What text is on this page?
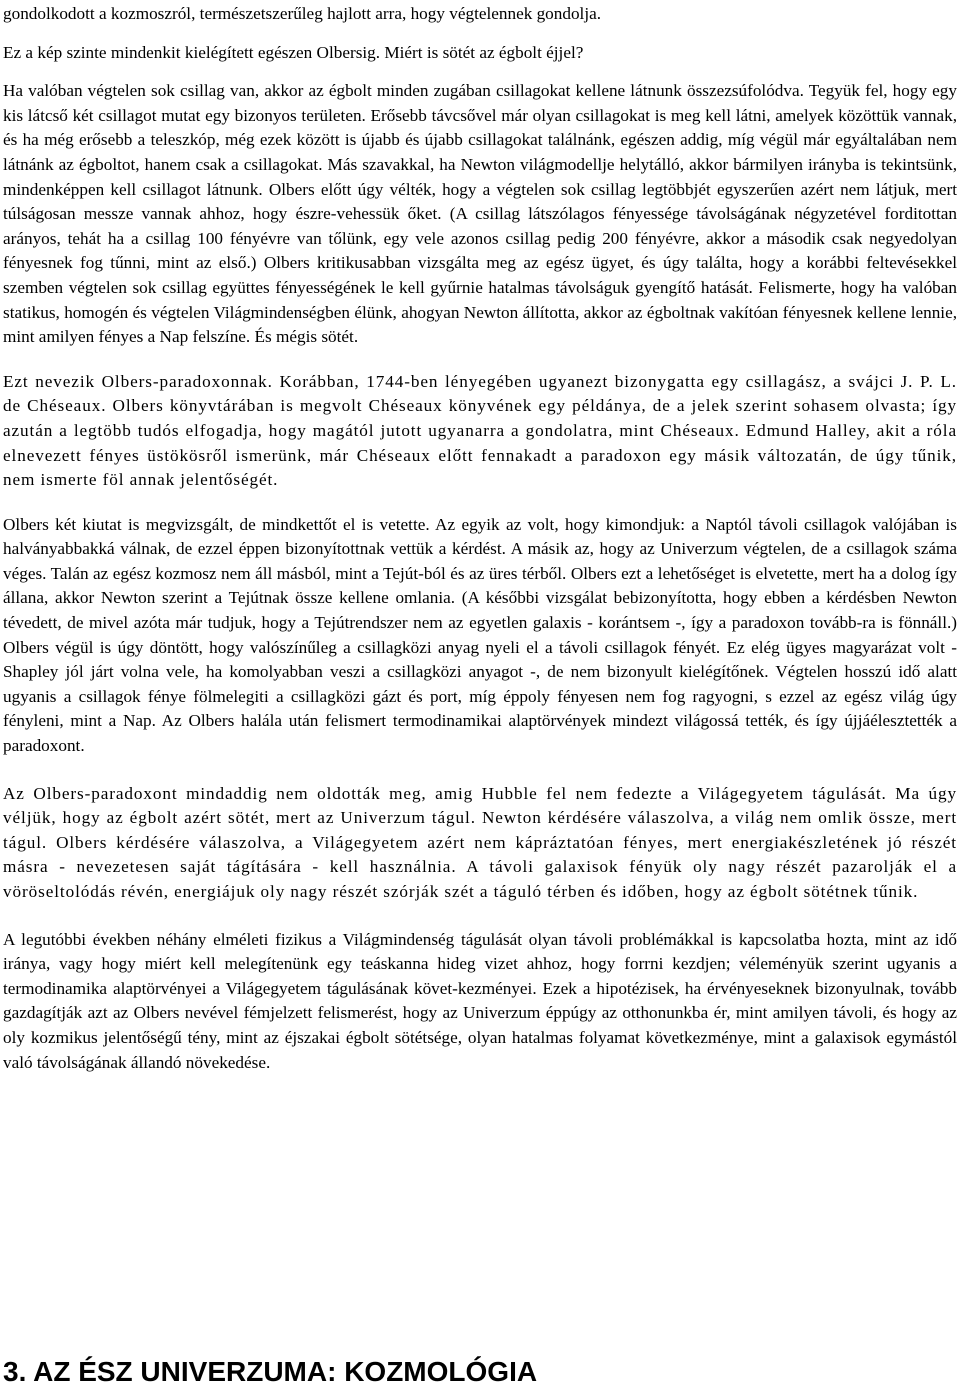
gondolkodott a kozmoszról, természetszerűleg hajlott arra, hogy végtelennek gondolja.

Ez a kép szinte mindenkit kielégített egészen Olbersig. Miért is sötét az égbolt éjjel?

Ha valóban végtelen sok csillag van, akkor az égbolt minden zugában csillagokat kellene látnunk összezsúfolódva. Tegyük fel, hogy egy kis látcső két csillagot mutat egy bizonyos területen. Erősebb távcsővel már olyan csillagokat is meg kell látni, amelyek közöttük vannak, és ha még erősebb a teleszkóp, még ezek között is újabb és újabb csillagokat találnánk, egészen addig, míg végül már egyáltalában nem látnánk az égboltot, hanem csak a csillagokat. Más szavakkal, ha Newton világmodellje helytálló, akkor bármilyen irányba is tekintsünk, mindenképpen kell csillagot látnunk. Olbers előtt úgy vélték, hogy a végtelen sok csillag legtöbbjét egyszerűen azért nem látjuk, mert túlságosan messze vannak ahhoz, hogy észre-vehessük őket. (A csillag látszólagos fényessége távolságának négyzetével forditottan arányos, tehát ha a csillag 100 fényévre van tőlünk, egy vele azonos csillag pedig 200 fényévre, akkor a második csak negyedolyan fényesnek fog tűnni, mint az első.) Olbers kritikusabban vizsgálta meg az egész ügyet, és úgy találta, hogy a korábbi feltevésekkel szemben végtelen sok csillag együttes fényességének le kell gyűrnie hatalmas távolságuk gyengítő hatását. Felismerte, hogy ha valóban statikus, homogén és végtelen Világmindenségben élünk, ahogyan Newton állította, akkor az égboltnak vakítóan fényesnek kellene lennie, mint amilyen fényes a Nap felszíne. És mégis sötét.

Ezt nevezik Olbers-paradoxonnak. Korábban, 1744-ben lényegében ugyanezt bizonygatta egy csillagász, a svájci J. P. L. de Chéseaux. Olbers könyvtárában is megvolt Chéseaux könyvének egy példánya, de a jelek szerint sohasem olvasta; így azután a legtöbb tudós elfogadja, hogy magától jutott ugyanarra a gondolatra, mint Chéseaux. Edmund Halley, akit a róla elnevezett fényes üstökösről ismerünk, már Chéseaux előtt fennakadt a paradoxon egy másik változatán, de úgy tűnik, nem ismerte föl annak jelentőségét.

Olbers két kiutat is megvizsgált, de mindkettőt el is vetette. Az egyik az volt, hogy kimondjuk: a Naptól távoli csillagok valójában is halványabbakká válnak, de ezzel éppen bizonyítottnak vettük a kérdést. A másik az, hogy az Univerzum végtelen, de a csillagok száma véges. Talán az egész kozmosz nem áll másból, mint a Tejút-ból és az üres térből. Olbers ezt a lehetőséget is elvetette, mert ha a dolog így állana, akkor Newton szerint a Tejútnak össze kellene omlania. (A későbbi vizsgálat bebizonyította, hogy ebben a kérdésben Newton tévedett, de mivel azóta már tudjuk, hogy a Tejútrendszer nem az egyetlen galaxis - korántsem -, így a paradoxon tovább-ra is fönnáll.) Olbers végül is úgy döntött, hogy valószínűleg a csillagközi anyag nyeli el a távoli csillagok fényét. Ez elég ügyes magyarázat volt - Shapley jól járt volna vele, ha komolyabban veszi a csillagközi anyagot -, de nem bizonyult kielégítőnek. Végtelen hosszú idő alatt ugyanis a csillagok fénye fölmelegiti a csillagközi gázt és port, míg éppoly fényesen nem fog ragyogni, s ezzel az egész világ úgy fényleni, mint a Nap. Az Olbers halála után felismert termodinamikai alaptörvények mindezt világossá tették, és így újjáélesztették a paradoxont.

Az Olbers-paradoxont mindaddig nem oldották meg, amig Hubble fel nem fedezte a Világegyetem tágulását. Ma úgy véljük, hogy az égbolt azért sötét, mert az Univerzum tágul. Newton kérdésére válaszolva, a világ nem omlik össze, mert tágul. Olbers kérdésére válaszolva, a Világegyetem azért nem kápráztatóan fényes, mert energiakészletének jó részét másra - nevezetesen saját tágítására - kell használnia. A távoli galaxisok fényük oly nagy részét pazarolják el a vöröseltolódás révén, energiájuk oly nagy részét szórják szét a táguló térben és időben, hogy az égbolt sötétnek tűnik.

A legutóbbi években néhány elméleti fizikus a Világmindenség tágulását olyan távoli problémákkal is kapcsolatba hozta, mint az idő iránya, vagy hogy miért kell melegítenünk egy teáskanna hideg vizet ahhoz, hogy forrni kezdjen; véleményük szerint ugyanis a termodinamika alaptörvényei a Világegyetem tágulásának követ-kezményei. Ezek a hipotézisek, ha érvényeseknek bizonyulnak, tovább gazdagítják azt az Olbers nevével fémjelzett felismerést, hogy az Univerzum éppúgy az otthonunkba ér, mint amilyen távoli, és hogy az oly kozmikus jelentőségű tény, mint az éjszakai égbolt sötétsége, olyan hatalmas folyamat következménye, mint a galaxisok egymástól való távolságának állandó növekedése.

3. AZ ÉSZ UNIVERZUMA: KOZMOLÓGIA
